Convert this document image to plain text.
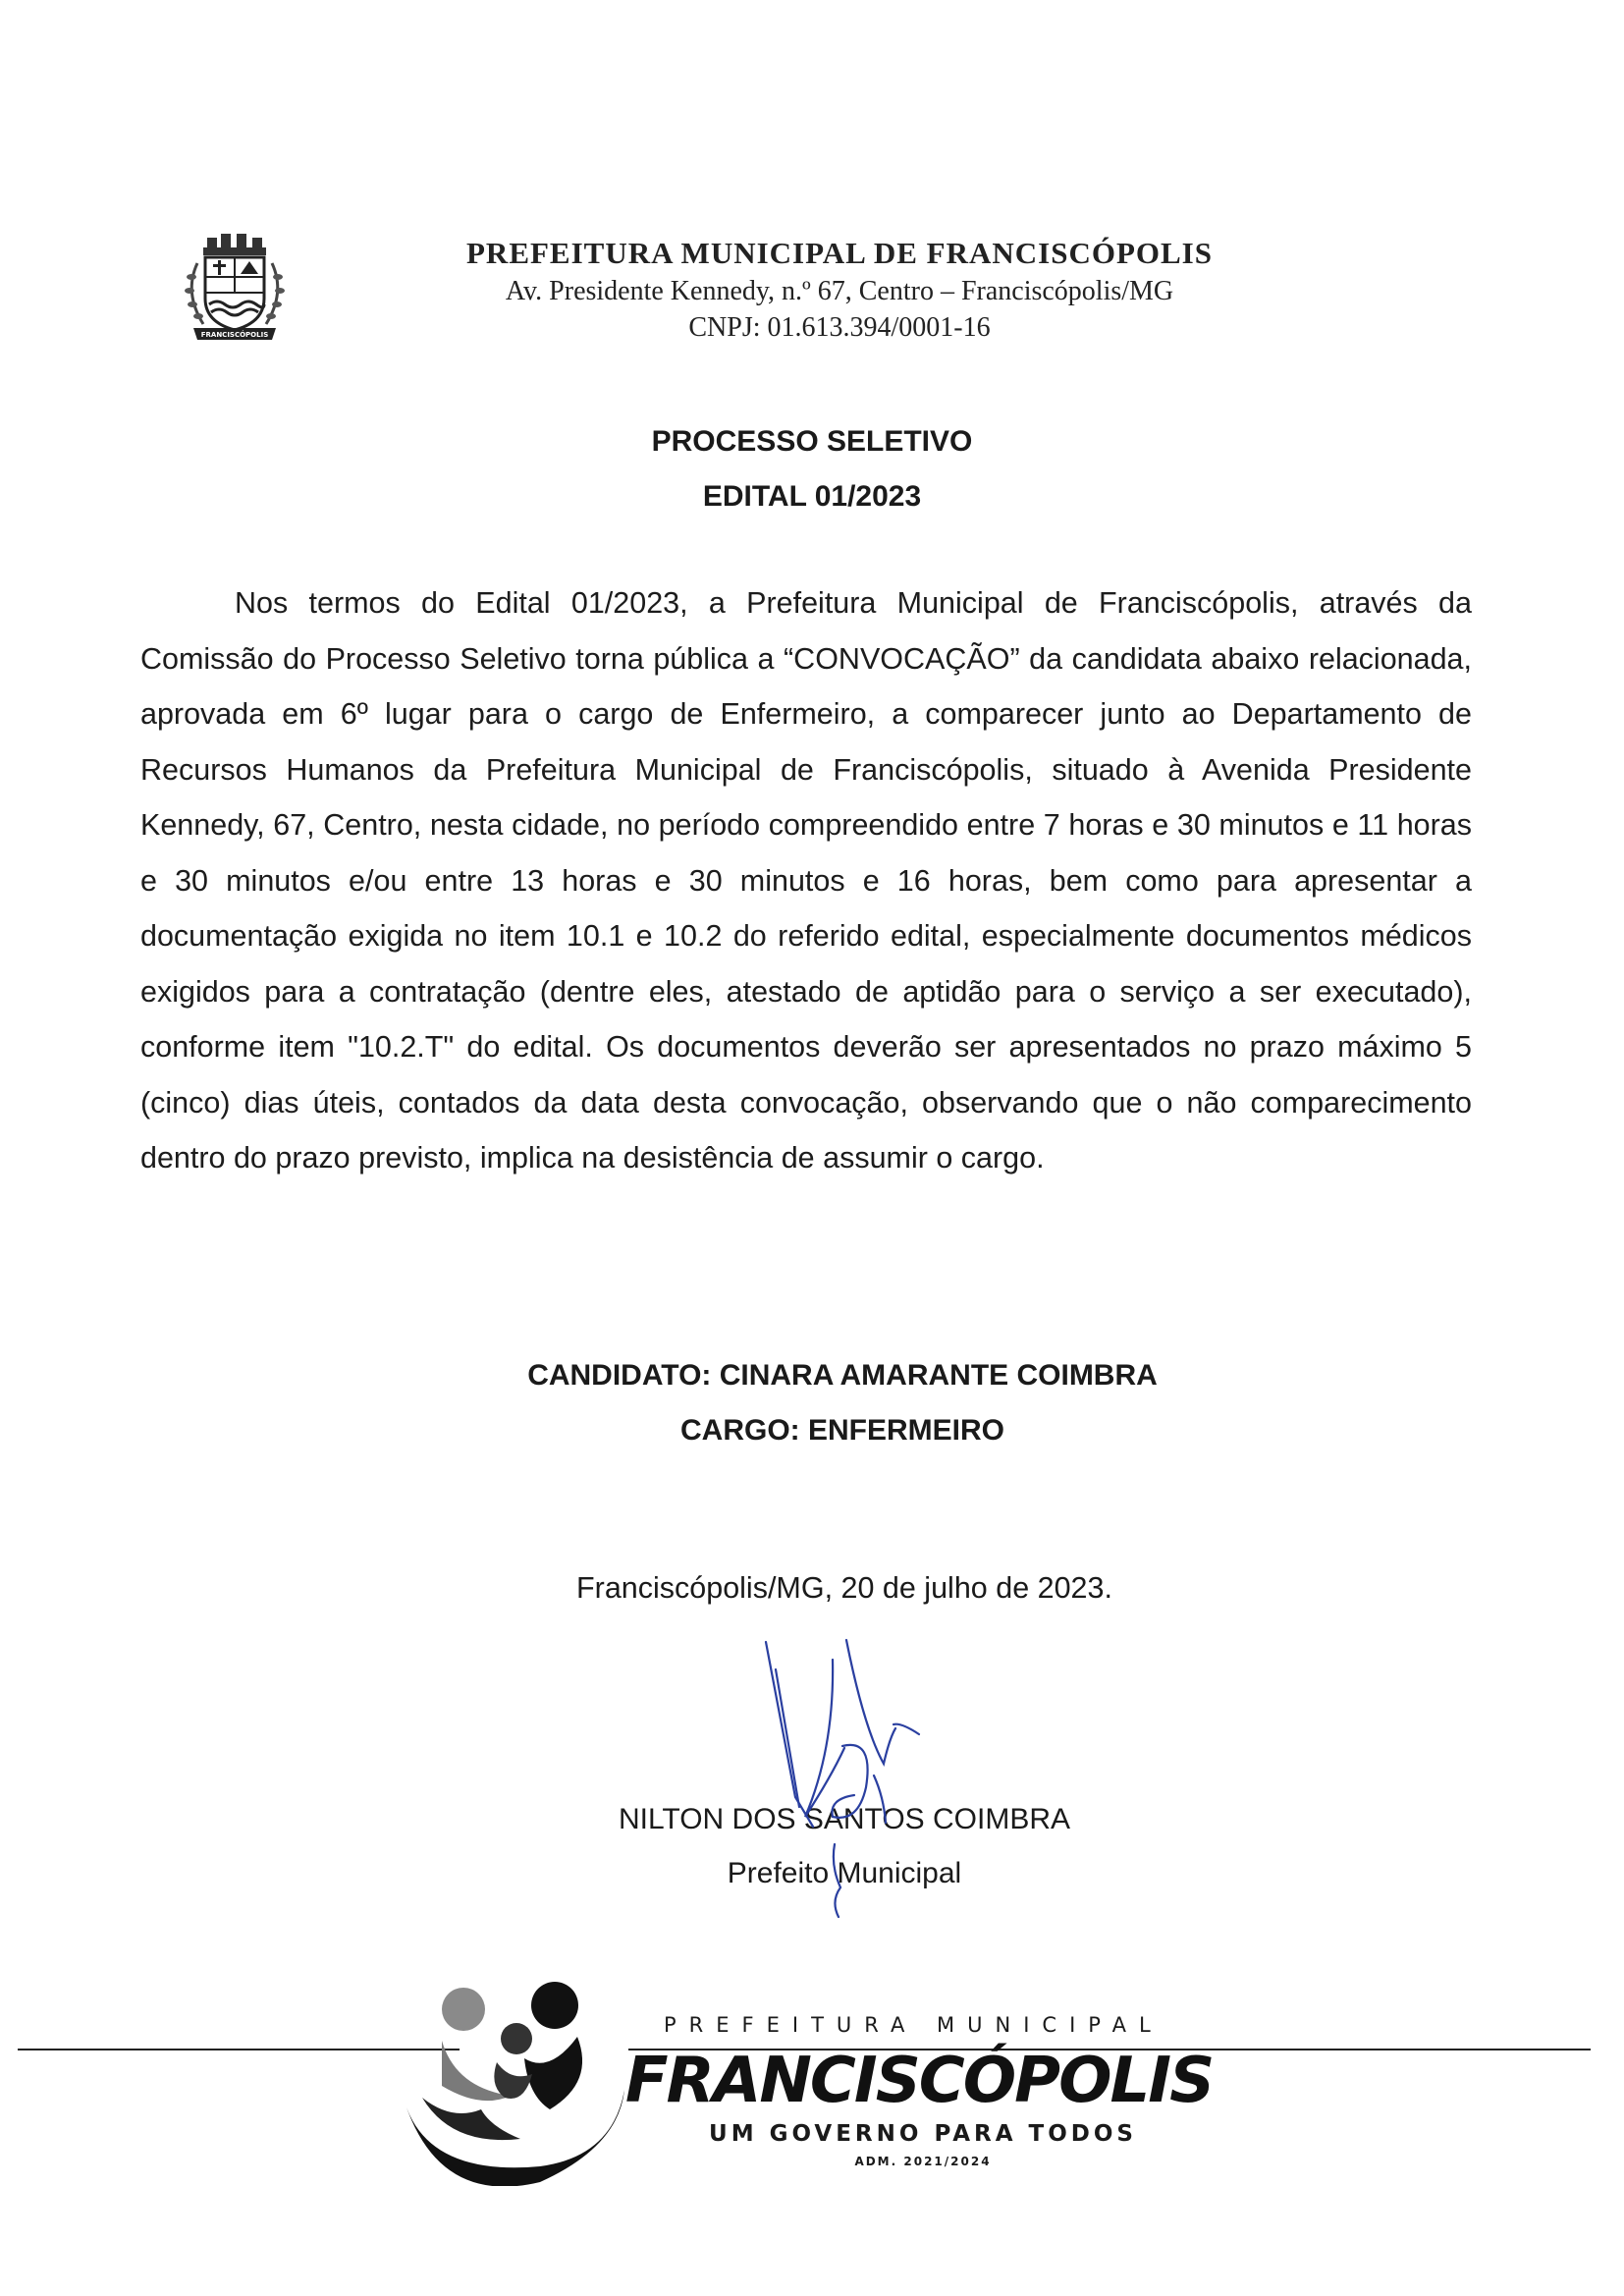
FRANCISCÓPOLIS
PREFEITURA MUNICIPAL DE FRANCISCÓPOLIS
Av. Presidente Kennedy, n.º 67, Centro – Franciscópolis/MG
CNPJ: 01.613.394/0001-16
PROCESSO SELETIVO
EDITAL 01/2023
Nos termos do Edital 01/2023, a Prefeitura Municipal de Franciscópolis, através da Comissão do Processo Seletivo torna pública a “CONVOCAÇÃO” da candidata abaixo relacionada, aprovada em 6º lugar para o cargo de Enfermeiro, a comparecer junto ao Departamento de Recursos Humanos da Prefeitura Municipal de Franciscópolis, situado à Avenida Presidente Kennedy, 67, Centro, nesta cidade, no período compreendido entre 7 horas e 30 minutos e 11 horas e 30 minutos e/ou entre 13 horas e 30 minutos e 16 horas, bem como para apresentar a documentação exigida no item 10.1 e 10.2 do referido edital, especialmente documentos médicos exigidos para a contratação (dentre eles, atestado de aptidão para o serviço a ser executado), conforme item "10.2.T" do edital. Os documentos deverão ser apresentados no prazo máximo 5 (cinco) dias úteis, contados da data desta convocação, observando que o não comparecimento dentro do prazo previsto, implica na desistência de assumir o cargo.
CANDIDATO: CINARA AMARANTE COIMBRA
CARGO: ENFERMEIRO
Franciscópolis/MG, 20 de julho de 2023.
NILTON DOS SANTOS COIMBRA
Prefeito Municipal
PREFEITURA MUNICIPAL
FRANCISCÓPOLIS
UM GOVERNO PARA TODOS
ADM. 2021/2024
